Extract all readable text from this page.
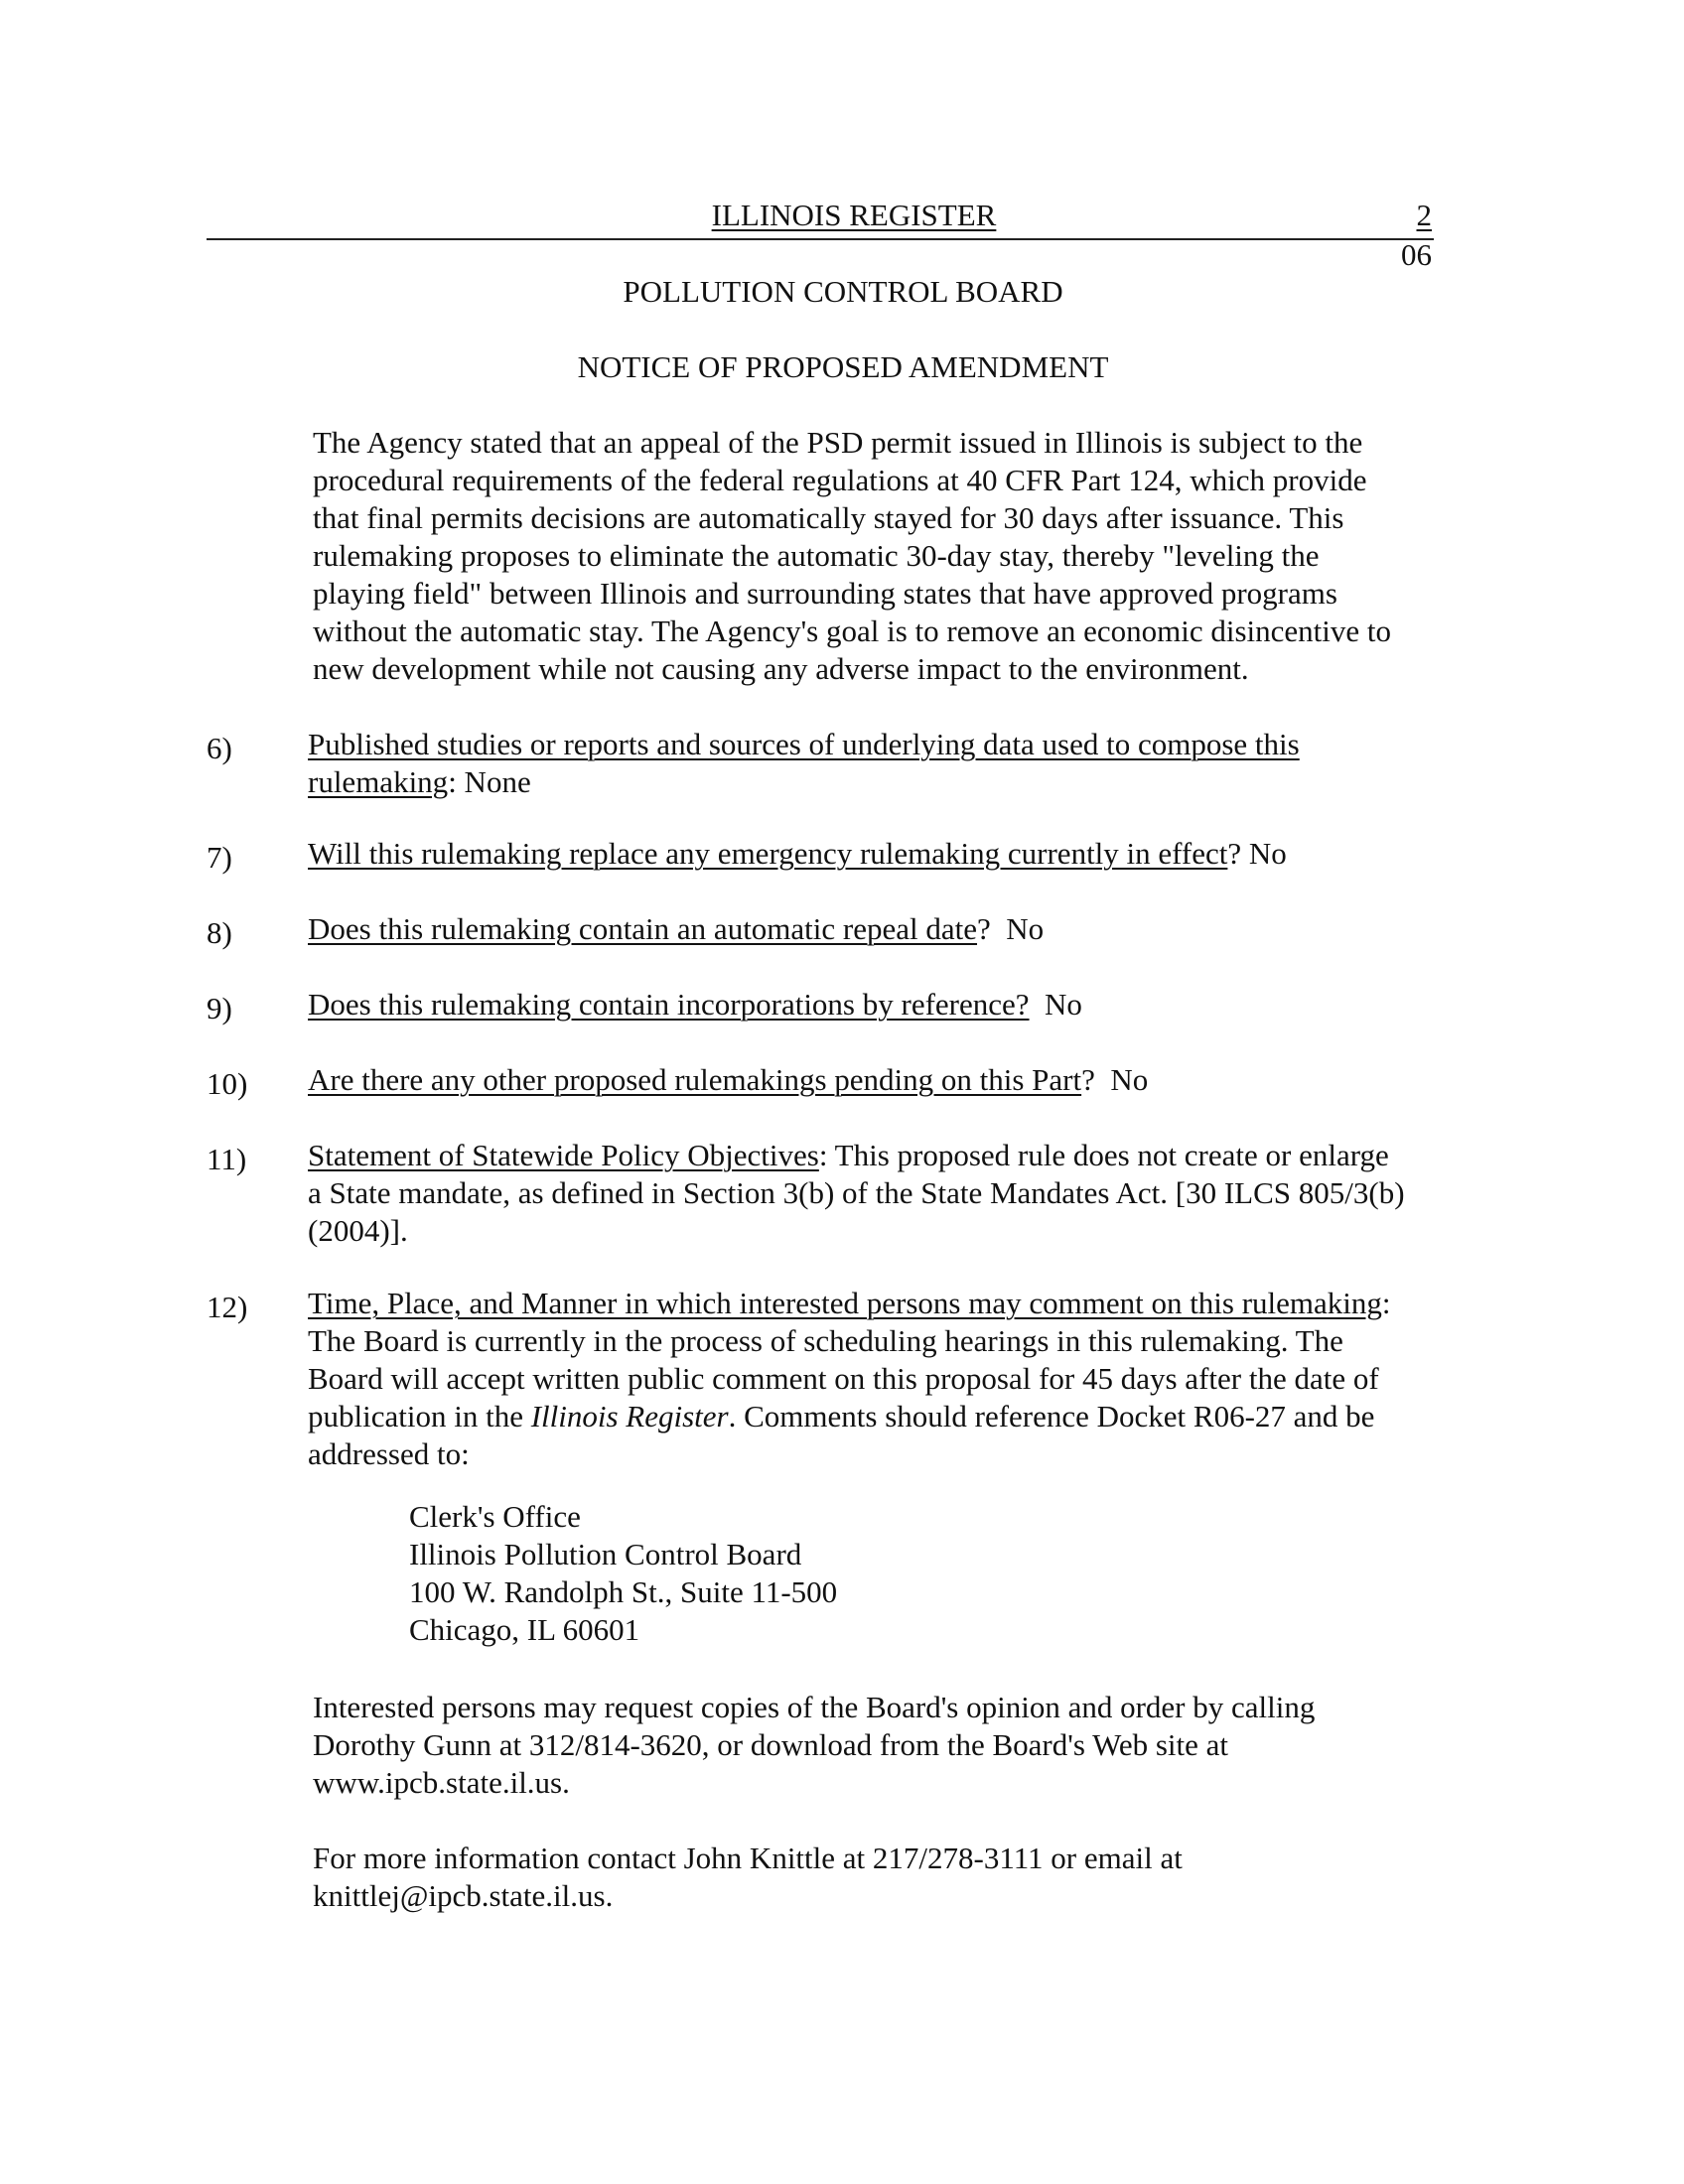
ILLINOIS REGISTER	2
06
POLLUTION CONTROL BOARD
NOTICE OF PROPOSED AMENDMENT
The Agency stated that an appeal of the PSD permit issued in Illinois is subject to the
procedural requirements of the federal regulations at 40 CFR Part 124, which provide
that final permits decisions are automatically stayed for 30 days after issuance. This
rulemaking proposes to eliminate the automatic 30-day stay, thereby "leveling the
playing field" between Illinois and surrounding states that have approved programs
without the automatic stay. The Agency's goal is to remove an economic disincentive to
new development while not causing any adverse impact to the environment.
6)	Published studies or reports and sources of underlying data used to compose this
rulemaking: None
7)	Will this rulemaking replace any emergency rulemaking currently in effect? No
8)	Does this rulemaking contain an automatic repeal date?  No
9)	Does this rulemaking contain incorporations by reference?  No
10)	Are there any other proposed rulemakings pending on this Part?  No
11)	Statement of Statewide Policy Objectives: This proposed rule does not create or enlarge
a State mandate, as defined in Section 3(b) of the State Mandates Act. [30 ILCS 805/3(b)
(2004)].
12)	Time, Place, and Manner in which interested persons may comment on this rulemaking:
The Board is currently in the process of scheduling hearings in this rulemaking. The
Board will accept written public comment on this proposal for 45 days after the date of
publication in the Illinois Register. Comments should reference Docket R06-27 and be
addressed to:
Clerk's Office
Illinois Pollution Control Board
100 W. Randolph St., Suite 11-500
Chicago, IL 60601
Interested persons may request copies of the Board's opinion and order by calling
Dorothy Gunn at 312/814-3620, or download from the Board's Web site at
www.ipcb.state.il.us.
For more information contact John Knittle at 217/278-3111 or email at
knittlej@ipcb.state.il.us.
